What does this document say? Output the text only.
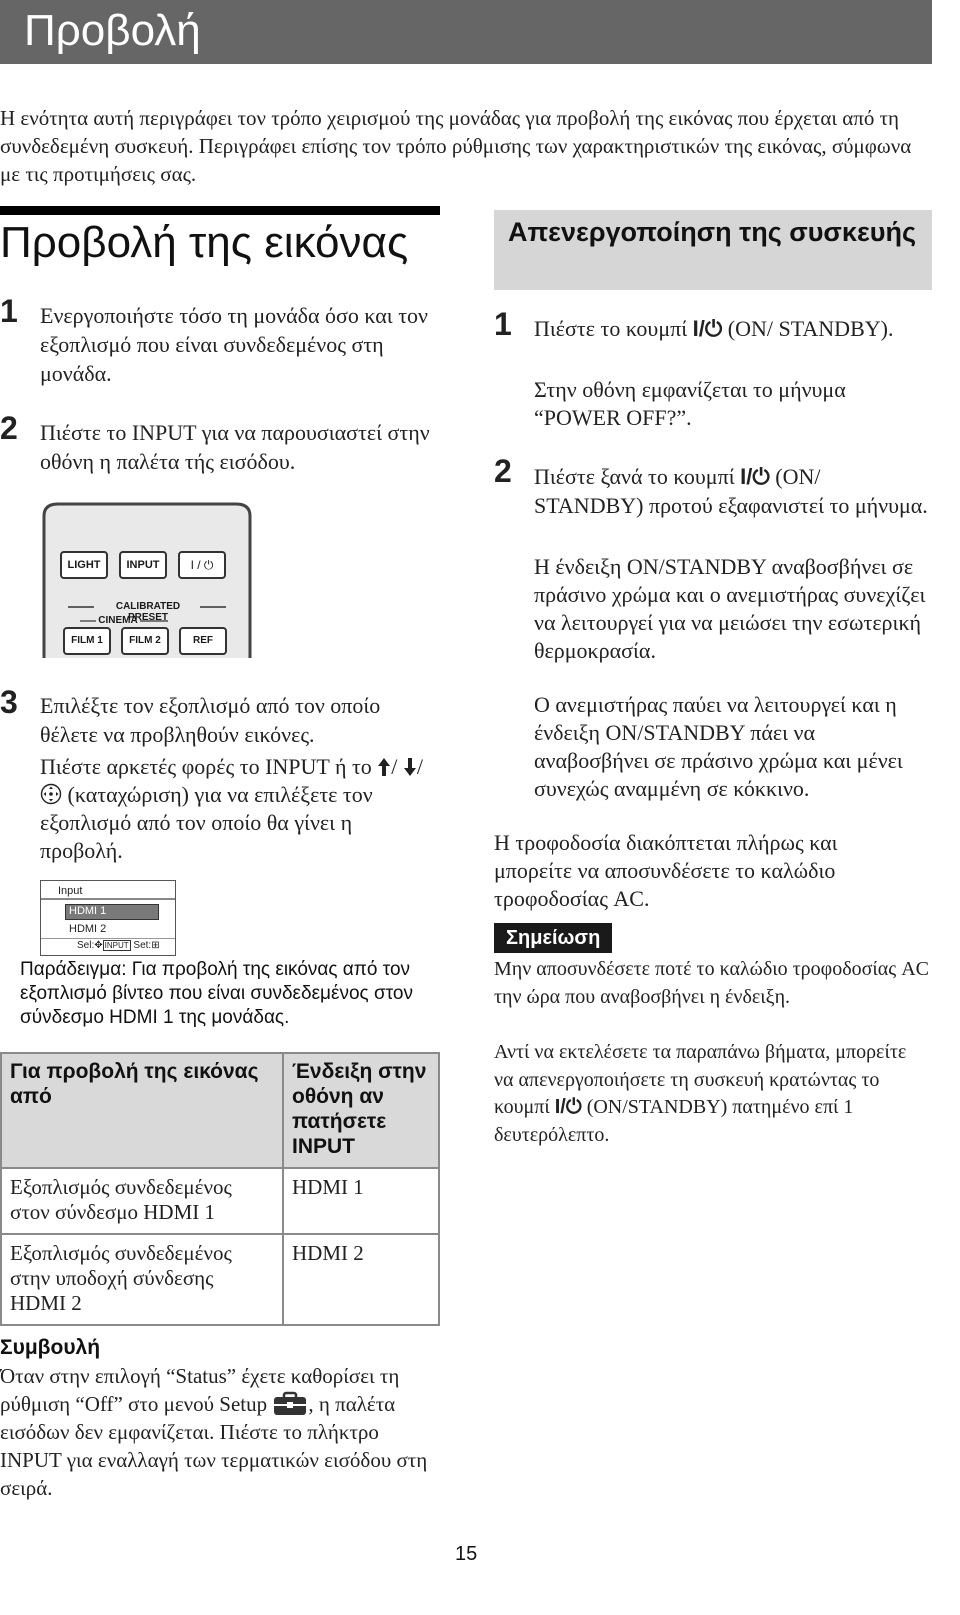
Προβολή
Η ενότητα αυτή περιγράφει τον τρόπο χειρισμού της μονάδας για προβολή της εικόνας που έρχεται από τη συνδεδεμένη συσκευή. Περιγράφει επίσης τον τρόπο ρύθμισης των χαρακτηριστικών της εικόνας, σύμφωνα με τις προτιμήσεις σας.
Προβολή της εικόνας
1 Ενεργοποιήστε τόσο τη μονάδα όσο και τον εξοπλισμό που είναι συνδεδεμένος στη μονάδα.
2 Πιέστε το INPUT για να παρουσιαστεί στην οθόνη η παλέτα τής εισόδου.
LIGHT	INPUT	I / ⏻
CALIBRATED PRESET
CINEMA
FILM 1	FILM 2	REF
3 Επιλέξτε τον εξοπλισμό από τον οποίο θέλετε να προβληθούν εικόνες.
Πιέστε αρκετές φορές το INPUT ή το / / (καταχώριση) για να επιλέξετε τον εξοπλισμό από τον οποίο θα γίνει η προβολή.
Input
HDMI 1
HDMI 2
Sel:✥ INPUT Set:⊞
Παράδειγμα: Για προβολή της εικόνας από τον εξοπλισμό βίντεο που είναι συνδεδεμένος στον σύνδεσμο HDMI 1 της μονάδας.
Για προβολή της εικόνας από	Ένδειξη στην οθόνη αν πατήσετε INPUT
Εξοπλισμός συνδεδεμένος στον σύνδεσμο HDMI 1	HDMI 1
Εξοπλισμός συνδεδεμένος στην υποδοχή σύνδεσης HDMI 2	HDMI 2
Συμβουλή
Όταν στην επιλογή “Status” έχετε καθορίσει τη ρύθμιση “Off” στο μενού Setup , η παλέτα εισόδων δεν εμφανίζεται. Πιέστε το πλήκτρο INPUT για εναλλαγή των τερματικών εισόδου στη σειρά.
Απενεργοποίηση της συσκευής
1 Πιέστε το κουμπί I/⏻ (ON/ STANDBY).
Στην οθόνη εμφανίζεται το μήνυμα “POWER OFF?”.
2 Πιέστε ξανά το κουμπί I/⏻ (ON/ STANDBY) προτού εξαφανιστεί το μήνυμα.
Η ένδειξη ON/STANDBY αναβοσβήνει σε πράσινο χρώμα και ο ανεμιστήρας συνεχίζει να λειτουργεί για να μειώσει την εσωτερική θερμοκρασία.
Ο ανεμιστήρας παύει να λειτουργεί και η ένδειξη ON/STANDBY πάει να αναβοσβήνει σε πράσινο χρώμα και μένει συνεχώς αναμμένη σε κόκκινο.
Η τροφοδοσία διακόπτεται πλήρως και μπορείτε να αποσυνδέσετε το καλώδιο τροφοδοσίας AC.
Σημείωση
Μην αποσυνδέσετε ποτέ το καλώδιο τροφοδοσίας AC την ώρα που αναβοσβήνει η ένδειξη.
Αντί να εκτελέσετε τα παραπάνω βήματα, μπορείτε να απενεργοποιήσετε τη συσκευή κρατώντας το κουμπί I/⏻ (ON/STANDBY) πατημένο επί 1 δευτερόλεπτο.
15
